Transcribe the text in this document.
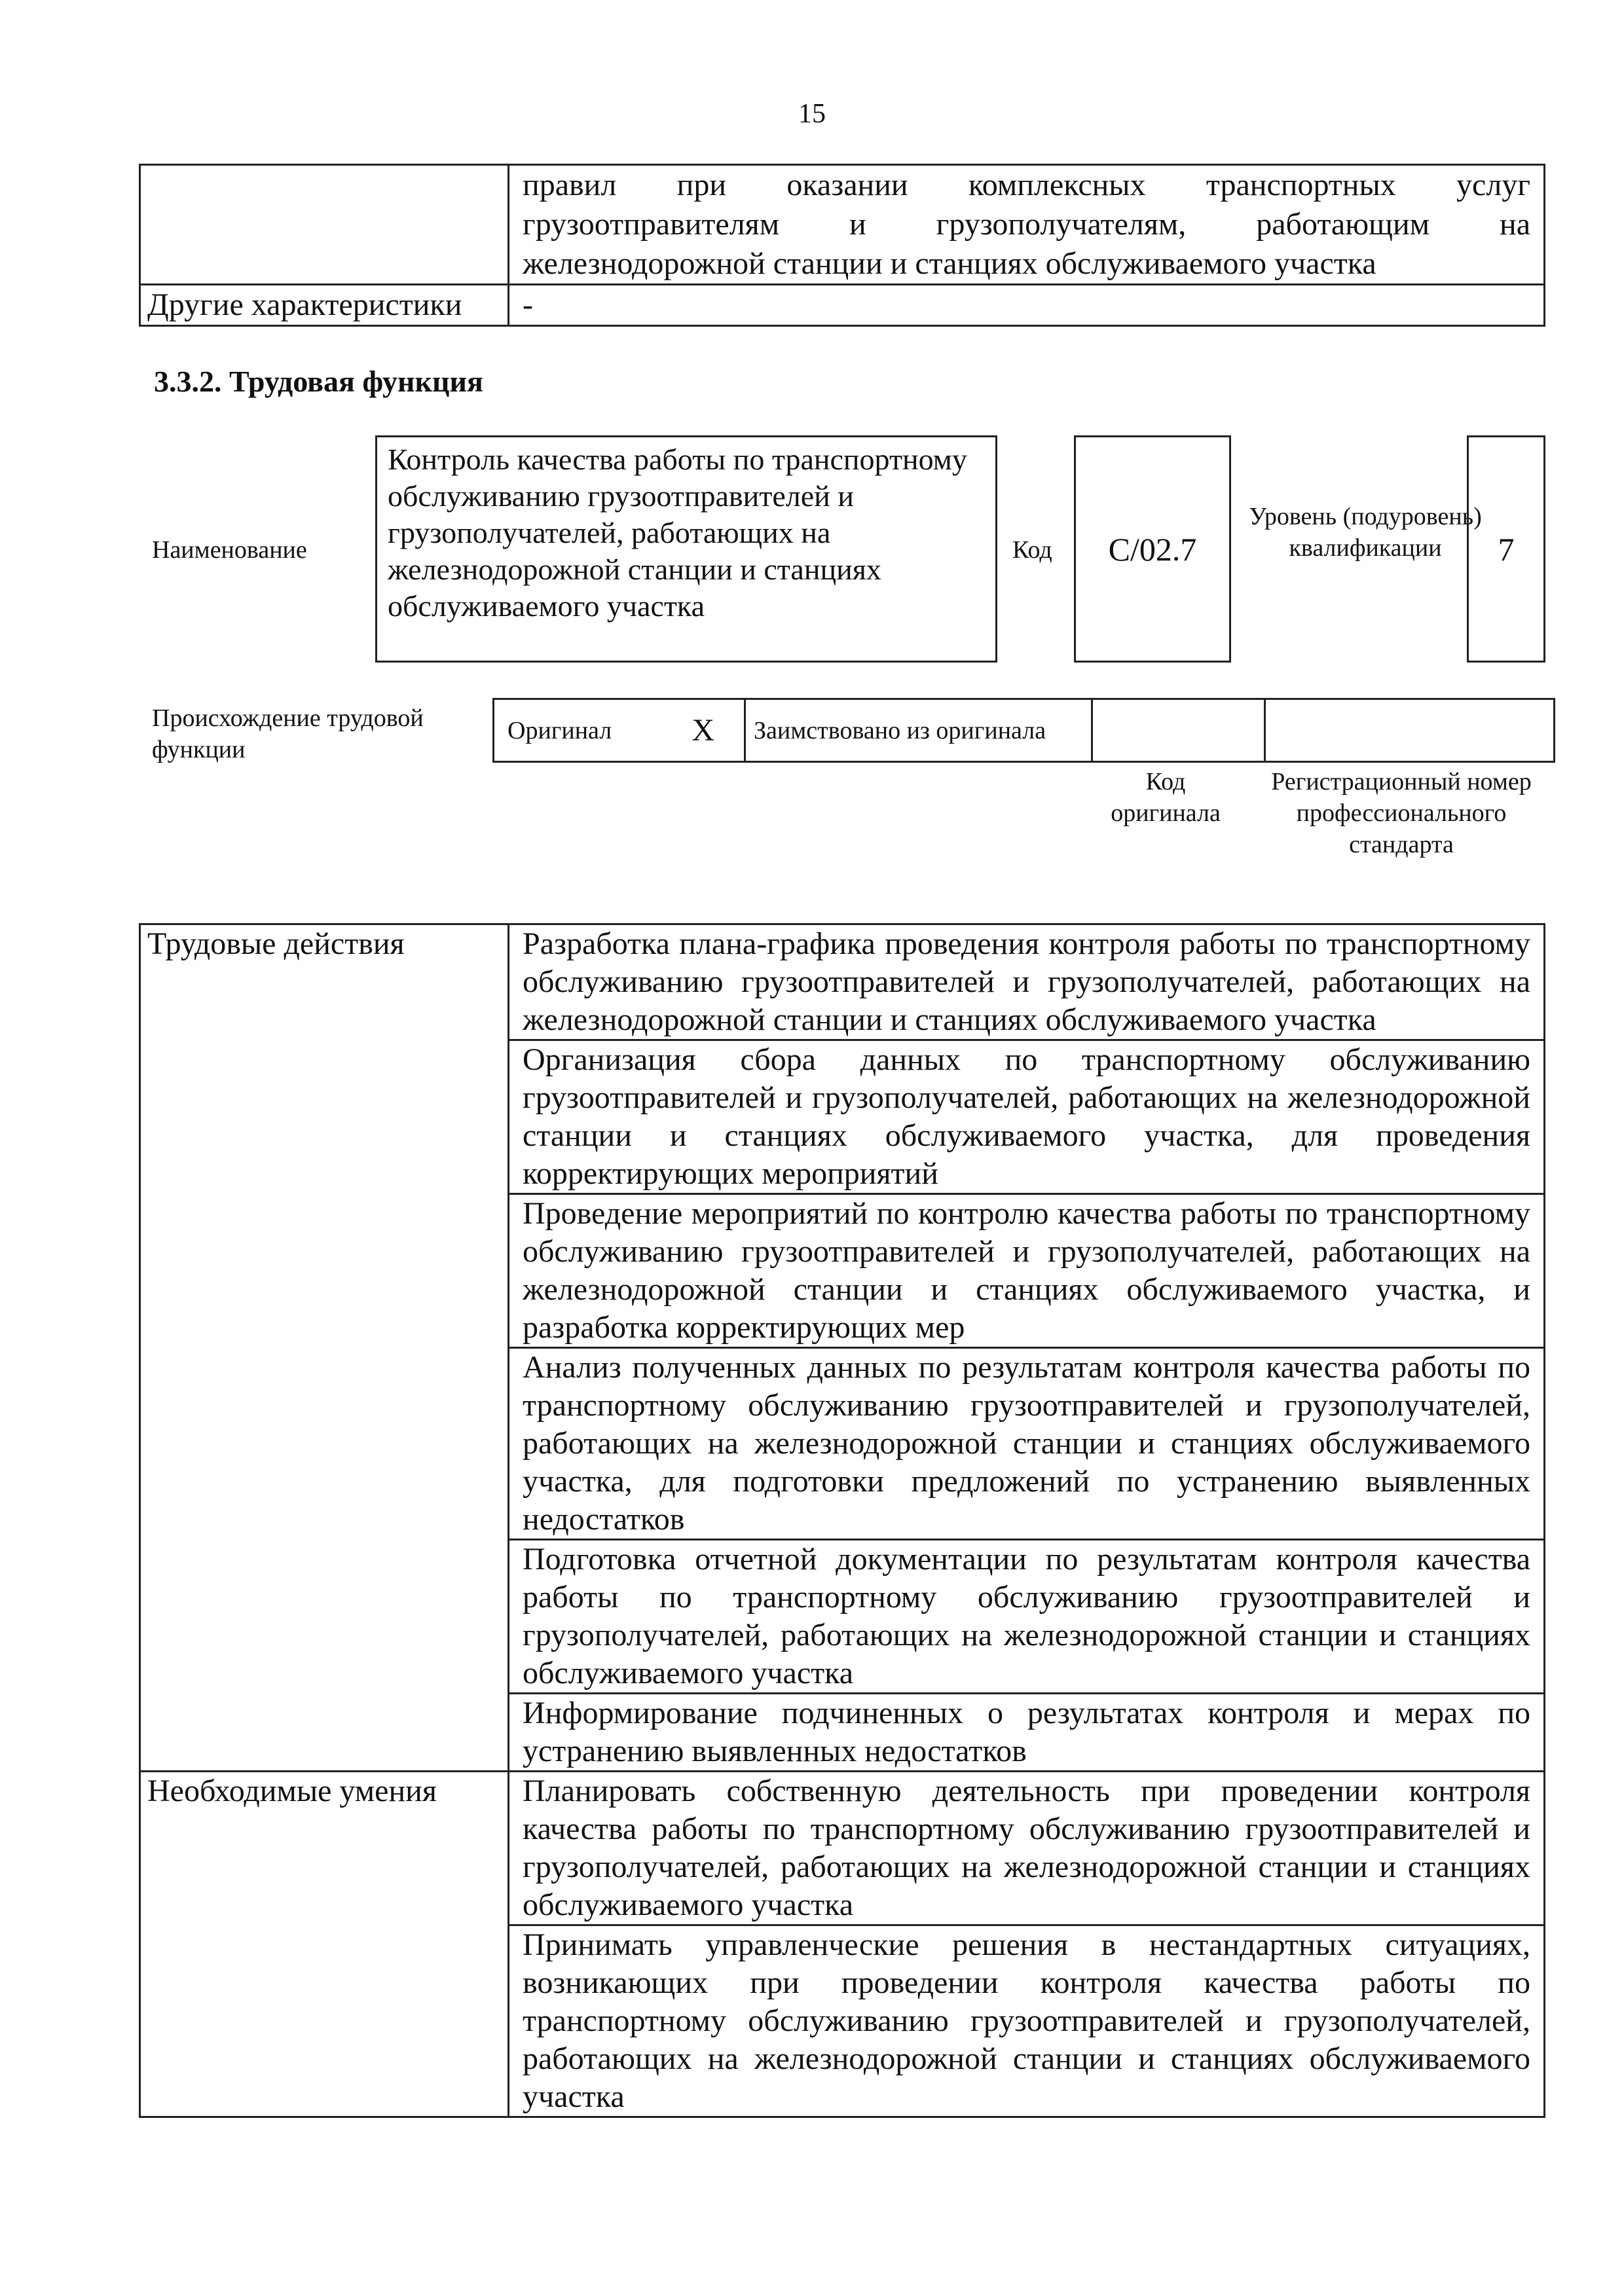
15
	правил при оказании комплексных транспортных услуг грузоотправителям и грузополучателям, работающим на железнодорожной станции и станциях обслуживаемого участка
Другие характеристики	-
3.3.2. Трудовая функция
Наименование
Контроль качества работы по транспортному обслуживанию грузоотправителей и грузополучателей, работающих на железнодорожной станции и станциях обслуживаемого участка
Код С/02.7
Уровень (подуровень) квалификации	7
Происхождение трудовой функции
Оригинал	X	Заимствовано из оригинала		
Код оригинала
Регистрационный номер профессионального стандарта
Трудовые действия	Разработка плана-графика проведения контроля работы по транспортному обслуживанию грузоотправителей и грузополучателей, работающих на железнодорожной станции и станциях обслуживаемого участка
	Организация сбора данных по транспортному обслуживанию грузоотправителей и грузополучателей, работающих на железнодорожной станции и станциях обслуживаемого участка, для проведения корректирующих мероприятий
	Проведение мероприятий по контролю качества работы по транспортному обслуживанию грузоотправителей и грузополучателей, работающих на железнодорожной станции и станциях обслуживаемого участка, и разработка корректирующих мер
	Анализ полученных данных по результатам контроля качества работы по транспортному обслуживанию грузоотправителей и грузополучателей, работающих на железнодорожной станции и станциях обслуживаемого участка, для подготовки предложений по устранению выявленных недостатков
	Подготовка отчетной документации по результатам контроля качества работы по транспортному обслуживанию грузоотправителей и грузополучателей, работающих на железнодорожной станции и станциях обслуживаемого участка
	Информирование подчиненных о результатах контроля и мерах по устранению выявленных недостатков
Необходимые умения	Планировать собственную деятельность при проведении контроля качества работы по транспортному обслуживанию грузоотправителей и грузополучателей, работающих на железнодорожной станции и станциях обслуживаемого участка
	Принимать управленческие решения в нестандартных ситуациях, возникающих при проведении контроля качества работы по транспортному обслуживанию грузоотправителей и грузополучателей, работающих на железнодорожной станции и станциях обслуживаемого участка
